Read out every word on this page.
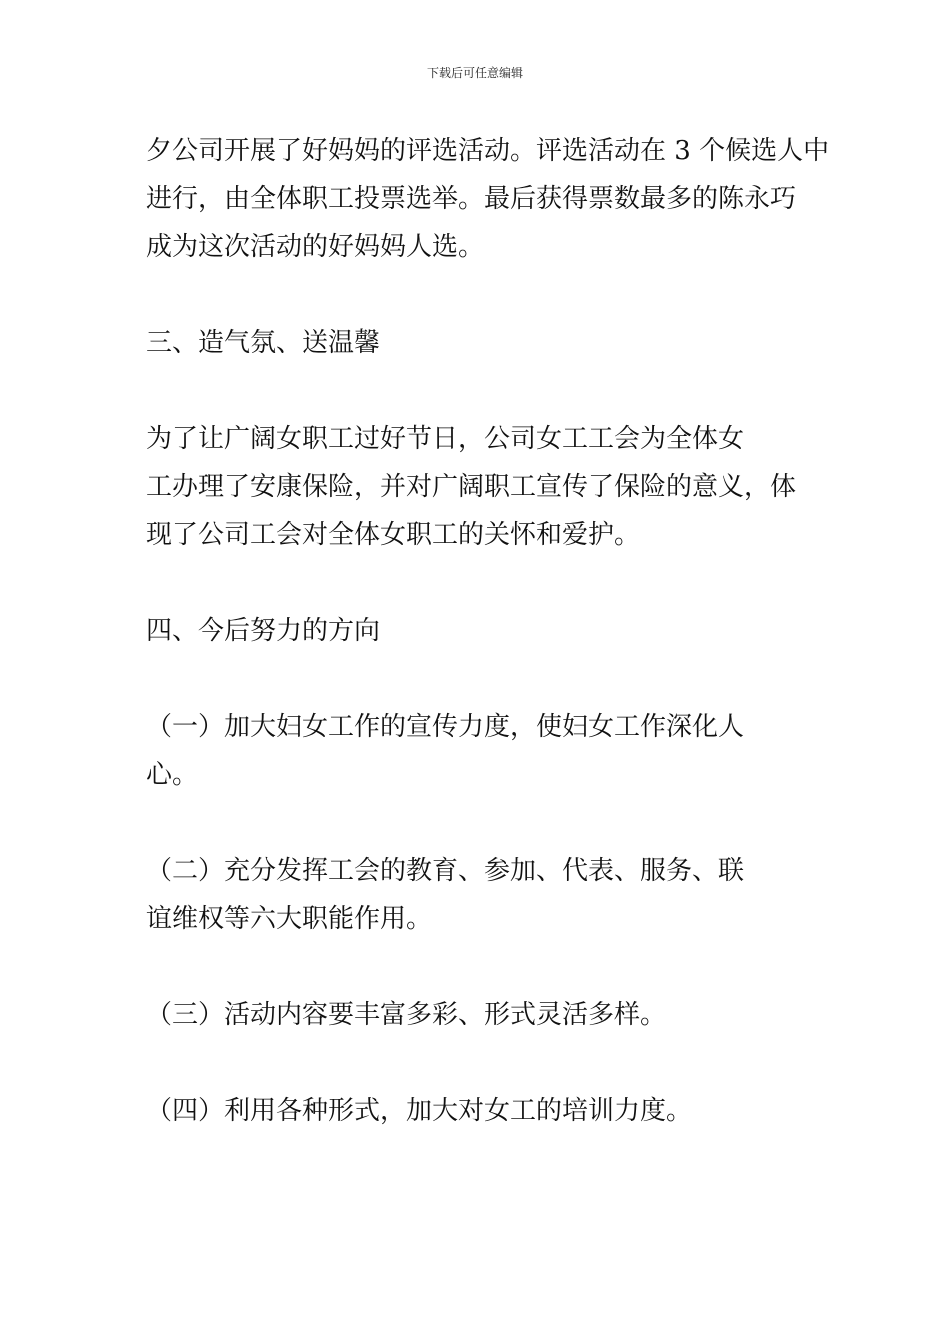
下载后可任意编辑
夕公司开展了好妈妈的评选活动。评选活动在 3 个候选人中
进行，由全体职工投票选举。最后获得票数最多的陈永巧
成为这次活动的好妈妈人选。
三、造气氛、送温馨
为了让广阔女职工过好节日，公司女工工会为全体女
工办理了安康保险，并对广阔职工宣传了保险的意义，体
现了公司工会对全体女职工的关怀和爱护。
四、今后努力的方向
（一）加大妇女工作的宣传力度，使妇女工作深化人
心。
（二）充分发挥工会的教育、参加、代表、服务、联
谊维权等六大职能作用。
（三）活动内容要丰富多彩、形式灵活多样。
（四）利用各种形式，加大对女工的培训力度。
